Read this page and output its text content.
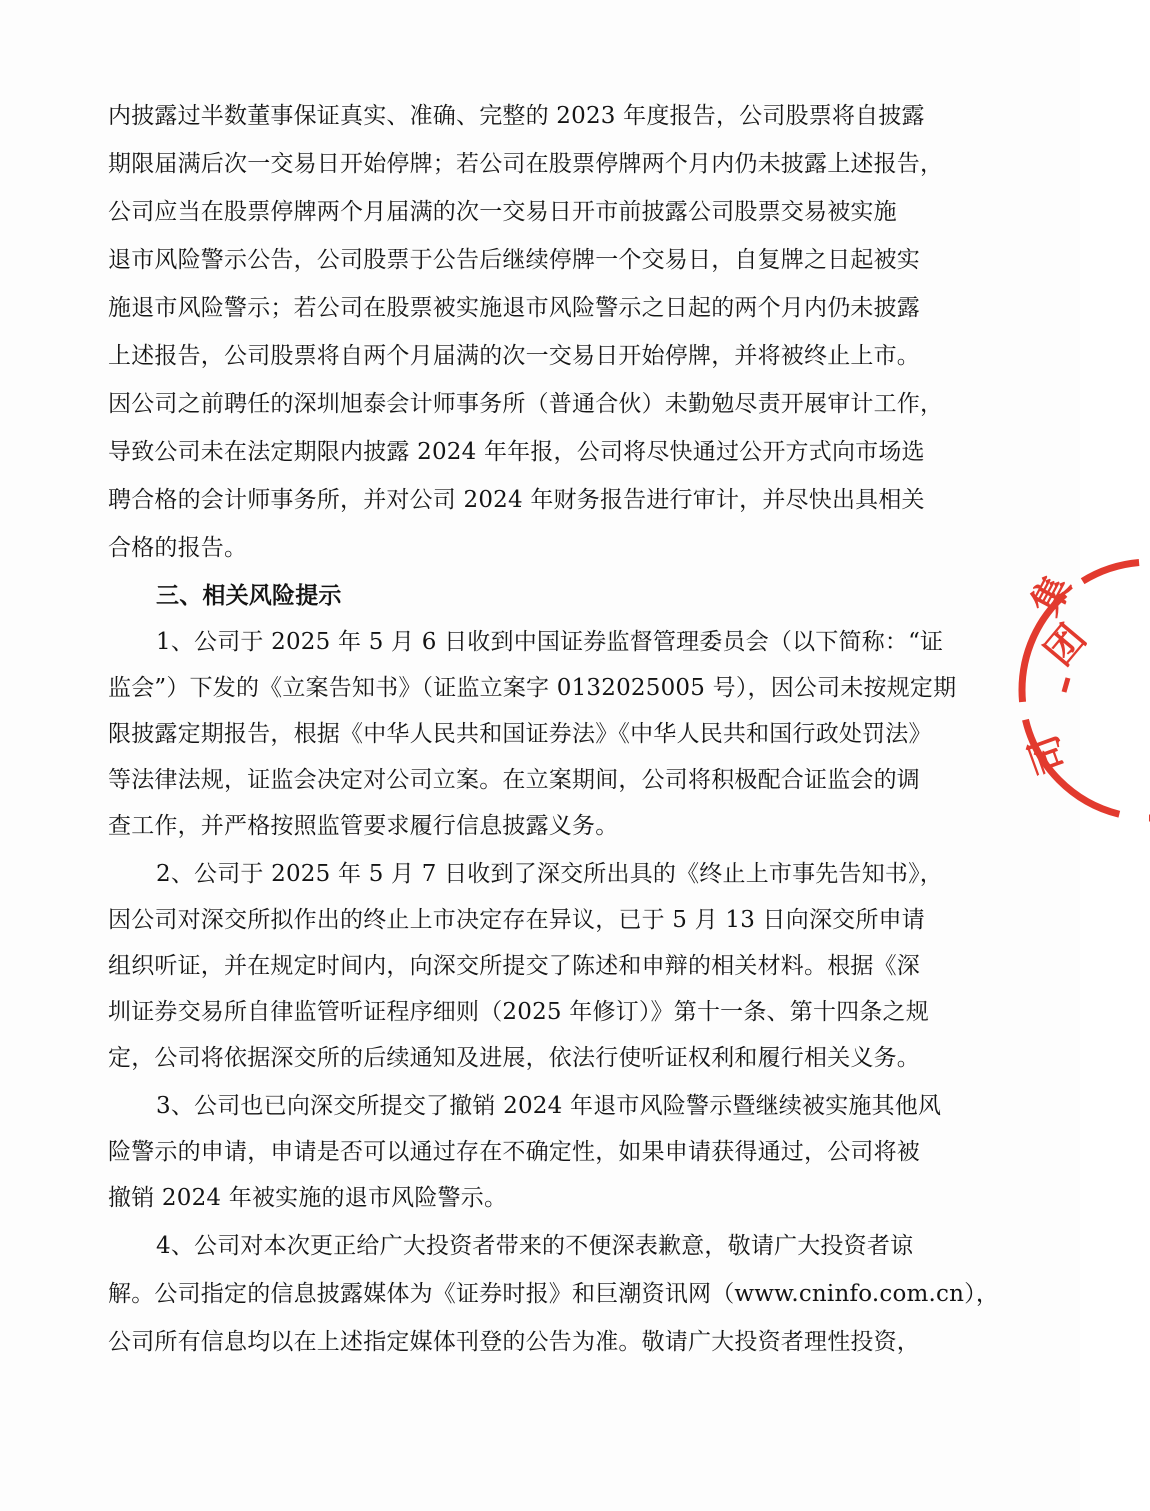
内披露过半数董事保证真实、准确、完整的 2023 年度报告，公司股票将自披露
期限届满后次一交易日开始停牌；若公司在股票停牌两个月内仍未披露上述报告，
公司应当在股票停牌两个月届满的次一交易日开市前披露公司股票交易被实施
退市风险警示公告，公司股票于公告后继续停牌一个交易日，自复牌之日起被实
施退市风险警示；若公司在股票被实施退市风险警示之日起的两个月内仍未披露
上述报告，公司股票将自两个月届满的次一交易日开始停牌，并将被终止上市。
因公司之前聘任的深圳旭泰会计师事务所（普通合伙）未勤勉尽责开展审计工作，
导致公司未在法定期限内披露 2024 年年报，公司将尽快通过公开方式向市场选
聘合格的会计师事务所，并对公司 2024 年财务报告进行审计，并尽快出具相关
合格的报告。
三、相关风险提示
1、公司于 2025 年 5 月 6 日收到中国证券监督管理委员会（以下简称：“证
监会”）下发的《立案告知书》（证监立案字 0132025005 号），因公司未按规定期
限披露定期报告，根据《中华人民共和国证券法》《中华人民共和国行政处罚法》
等法律法规，证监会决定对公司立案。在立案期间，公司将积极配合证监会的调
查工作，并严格按照监管要求履行信息披露义务。
2、公司于 2025 年 5 月 7 日收到了深交所出具的《终止上市事先告知书》，
因公司对深交所拟作出的终止上市决定存在异议，已于 5 月 13 日向深交所申请
组织听证，并在规定时间内，向深交所提交了陈述和申辩的相关材料。根据《深
圳证券交易所自律监管听证程序细则（2025 年修订）》第十一条、第十四条之规
定，公司将依据深交所的后续通知及进展，依法行使听证权利和履行相关义务。
3、公司也已向深交所提交了撤销 2024 年退市风险警示暨继续被实施其他风
险警示的申请，申请是否可以通过存在不确定性，如果申请获得通过，公司将被
撤销 2024 年被实施的退市风险警示。
4、公司对本次更正给广大投资者带来的不便深表歉意，敬请广大投资者谅
解。公司指定的信息披露媒体为《证券时报》和巨潮资讯网（www.cninfo.com.cn），
公司所有信息均以在上述指定媒体刊登的公告为准。敬请广大投资者理性投资，
集
团
司
